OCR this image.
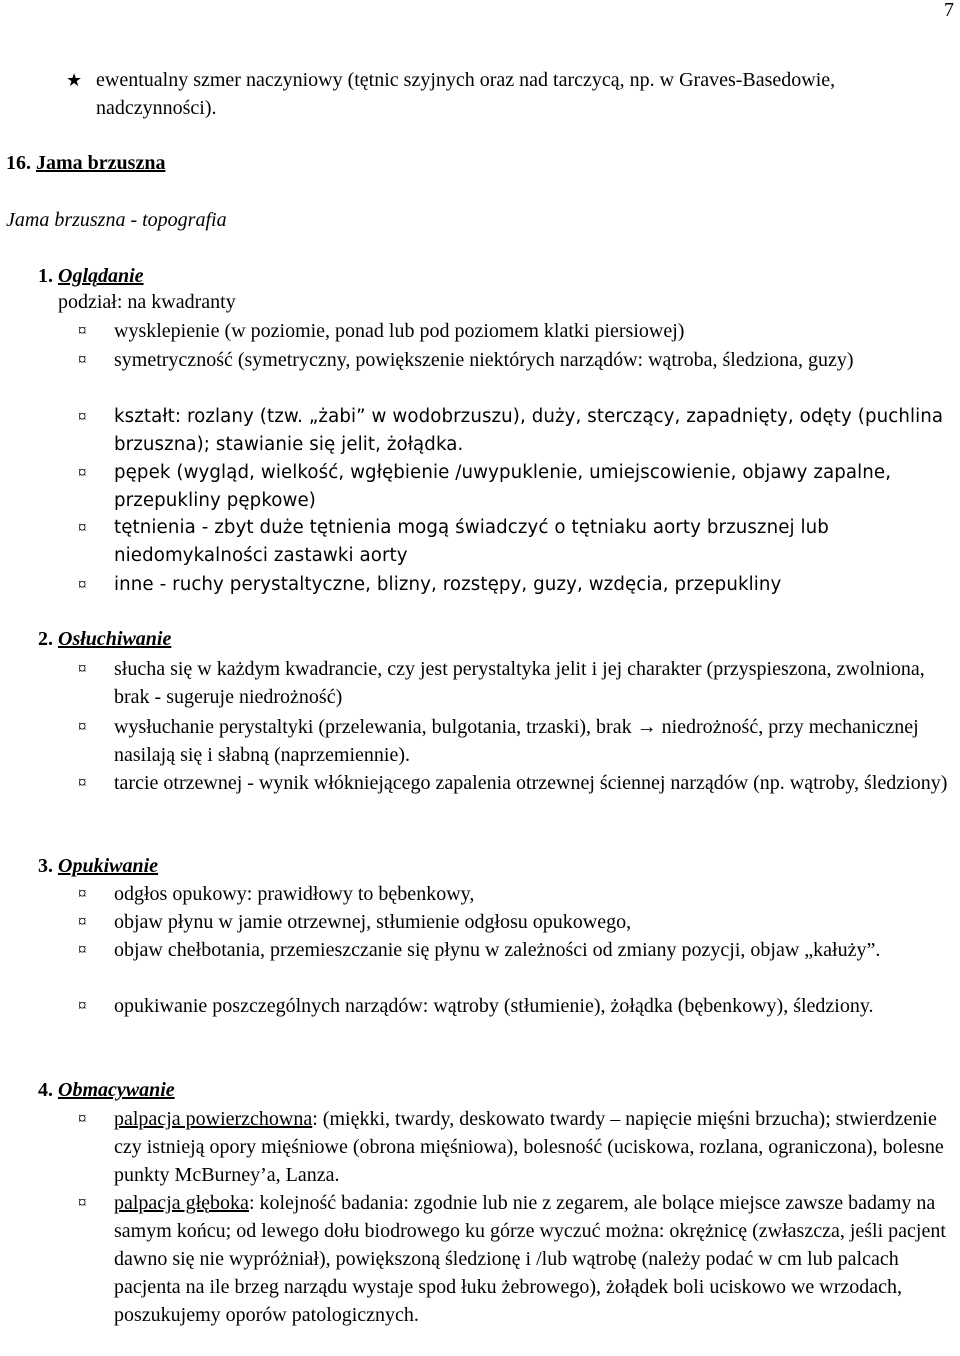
7
★ ewentualny szmer naczyniowy (tętnic szyjnych oraz nad tarczycą, np. w Graves-Basedowie, nadczynności).
16. Jama brzuszna
Jama brzuszna - topografia
1. Oglądanie
podział: na kwadranty
¤ wysklepienie (w poziomie, ponad lub pod poziomem klatki piersiowej)
¤ symetryczność (symetryczny, powiększenie niektórych narządów: wątroba, śledziona, guzy)
¤ kształt: rozlany (tzw. „żabi” w wodobrzuszu), duży, sterczący, zapadnięty, odęty (puchlina brzuszna); stawianie się jelit, żołądka.
¤ pępek (wygląd, wielkość, wgłębienie /uwypuklenie, umiejscowienie, objawy zapalne, przepukliny pępkowe)
¤ tętnienia - zbyt duże tętnienia mogą świadczyć o tętniaku aorty brzusznej lub niedomykalności zastawki aorty
¤ inne - ruchy perystaltyczne, blizny, rozstępy, guzy, wzdęcia, przepukliny
2. Osłuchiwanie
¤ słucha się w każdym kwadrancie, czy jest perystaltyka jelit i jej charakter (przyspieszona, zwolniona, brak - sugeruje niedrożność)
¤ wysłuchanie perystaltyki (przelewania, bulgotania, trzaski), brak → niedrożność, przy mechanicznej nasilają się i słabną (naprzemiennie).
¤ tarcie otrzewnej - wynik włókniejącego zapalenia otrzewnej ściennej narządów (np. wątroby, śledziony)
3. Opukiwanie
¤ odgłos opukowy: prawidłowy to bębenkowy,
¤ objaw płynu w jamie otrzewnej, stłumienie odgłosu opukowego,
¤ objaw chełbotania, przemieszczanie się płynu w zależności od zmiany pozycji, objaw „kałuży”.
¤ opukiwanie poszczególnych narządów: wątroby (stłumienie), żołądka (bębenkowy), śledziony.
4. Obmacywanie
¤ palpacja powierzchowna: (miękki, twardy, deskowato twardy – napięcie mięśni brzucha); stwierdzenie czy istnieją opory mięśniowe (obrona mięśniowa), bolesność (uciskowa, rozlana, ograniczona), bolesne punkty McBurney’a, Lanza.
¤ palpacja głęboka: kolejność badania: zgodnie lub nie z zegarem, ale bolące miejsce zawsze badamy na samym końcu; od lewego dołu biodrowego ku górze wyczuć można: okrężnicę (zwłaszcza, jeśli pacjent dawno się nie wypróżniał), powiększoną śledzionę i /lub wątrobę (należy podać w cm lub palcach pacjenta na ile brzeg narządu wystaje spod łuku żebrowego), żołądek boli uciskowo we wrzodach, poszukujemy oporów patologicznych.
